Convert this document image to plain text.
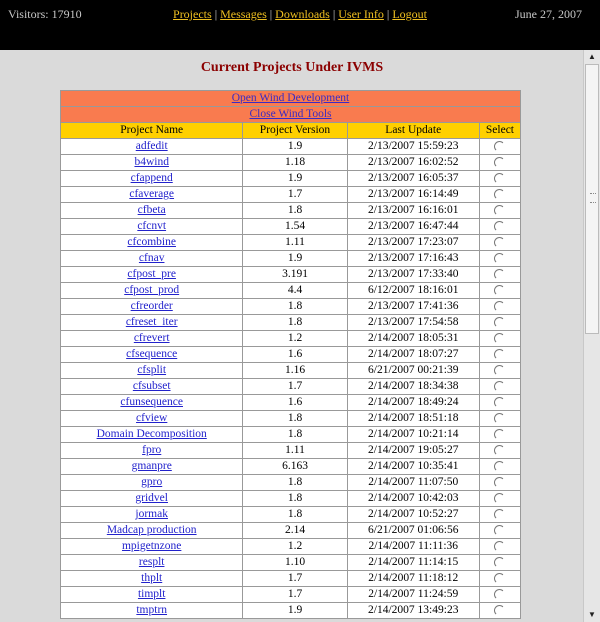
Visitors: 17910	Projects | Messages | Downloads | User Info | Logout	June 27, 2007
Current Projects Under IVMS
Open Wind Development			
Close Wind Tools			
Project Name	Project Version	Last Update	Select
adfedit	1.9	2/13/2007 15:59:23	
b4wind	1.18	2/13/2007 16:02:52	
cfappend	1.9	2/13/2007 16:05:37	
cfaverage	1.7	2/13/2007 16:14:49	
cfbeta	1.8	2/13/2007 16:16:01	
cfcnvt	1.54	2/13/2007 16:47:44	
cfcombine	1.11	2/13/2007 17:23:07	
cfnav	1.9	2/13/2007 17:16:43	
cfpost_pre	3.191	2/13/2007 17:33:40	
cfpost_prod	4.4	6/12/2007 18:16:01	
cfreorder	1.8	2/13/2007 17:41:36	
cfreset_iter	1.8	2/13/2007 17:54:58	
cfrevert	1.2	2/14/2007 18:05:31	
cfsequence	1.6	2/14/2007 18:07:27	
cfsplit	1.16	6/21/2007 00:21:39	
cfsubset	1.7	2/14/2007 18:34:38	
cfunsequence	1.6	2/14/2007 18:49:24	
cfview	1.8	2/14/2007 18:51:18	
Domain Decomposition	1.8	2/14/2007 10:21:14	
fpro	1.11	2/14/2007 19:05:27	
gmanpre	6.163	2/14/2007 10:35:41	
gpro	1.8	2/14/2007 11:07:50	
gridvel	1.8	2/14/2007 10:42:03	
jormak	1.8	2/14/2007 10:52:27	
Madcap production	2.14	6/21/2007 01:06:56	
mpigetnzone	1.2	2/14/2007 11:11:36	
resplt	1.10	2/14/2007 11:14:15	
thplt	1.7	2/14/2007 11:18:12	
timplt	1.7	2/14/2007 11:24:59	
tmptrn	1.9	2/14/2007 13:49:23	
▲
▼
